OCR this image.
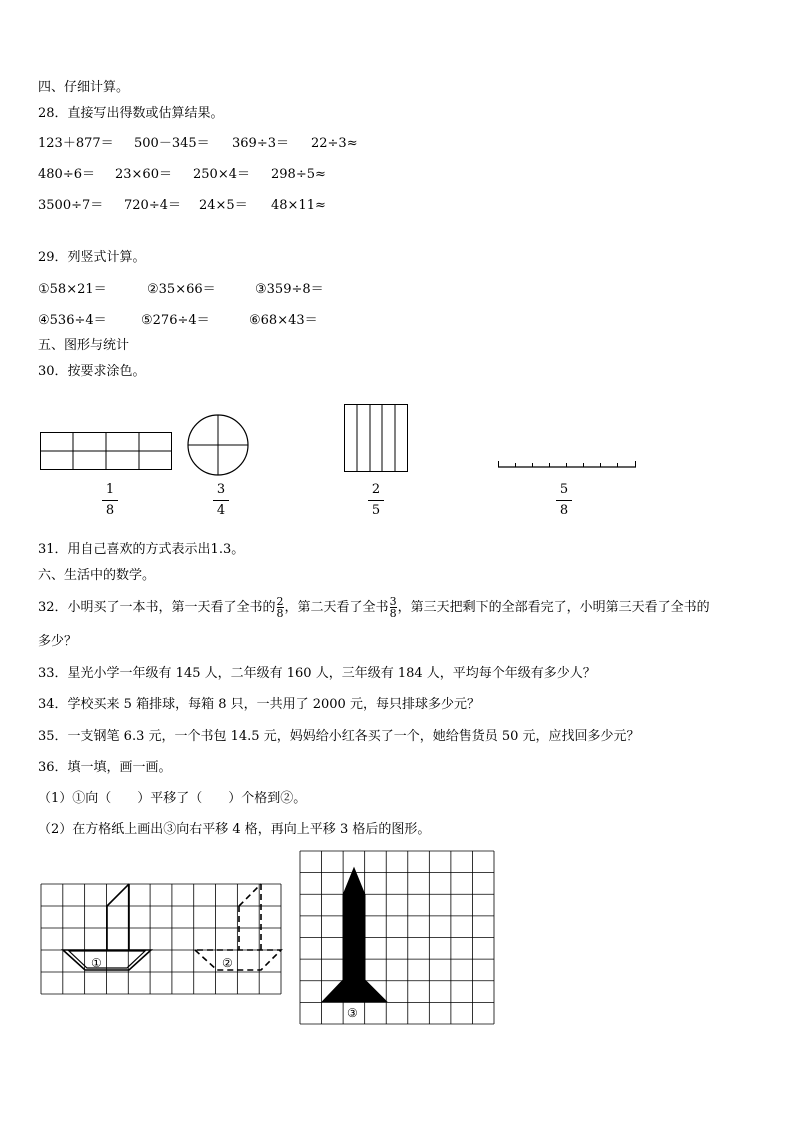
四、仔细计算。
28．直接写出得数或估算结果。
123＋877＝ 500－345＝ 369÷3＝ 22÷3≈
480÷6＝ 23×60＝ 250×4＝ 298÷5≈
3500÷7＝ 720÷4＝ 24×5＝ 48×11≈
29．列竖式计算。
①58×21＝	②35×66＝	③359÷8＝
④536÷4＝	⑤276÷4＝	⑥68×43＝
五、图形与统计
30．按要求涂色。
1
8
3
4
2
5
5
8
31．用自己喜欢的方式表示出1.3。
六、生活中的数学。
32．小明买了一本书，第一天看了全书的$\frac{2}{8}$，第二天看了全书$\frac{3}{8}$，第三天把剩下的全部看完了，小明第三天看了全书的
多少？
33．星光小学一年级有 145 人，二年级有 160 人，三年级有 184 人，平均每个年级有多少人？
34．学校买来 5 箱排球，每箱 8 只，一共用了 2000 元，每只排球多少元？
35．一支钢笔 6.3 元，一个书包 14.5 元，妈妈给小红各买了一个，她给售货员 50 元，应找回多少元？
36．填一填，画一画。
（1）①向（　　）平移了（　　）个格到②。
（2）在方格纸上画出③向右平移 4 格，再向上平移 3 格后的图形。
①	②
③
